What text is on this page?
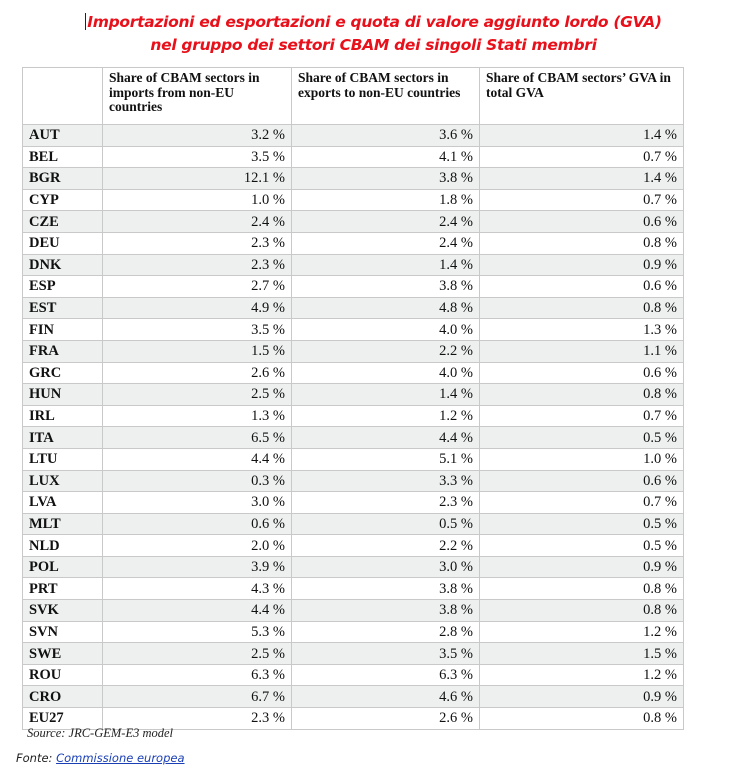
Importazioni ed esportazioni e quota di valore aggiunto lordo (GVA)
nel gruppo dei settori CBAM dei singoli Stati membri
	Share of CBAM sectors in imports from non-EU countries	Share of CBAM sectors in exports to non-EU countries	Share of CBAM sectors’ GVA in total GVA
AUT	3.2 %	3.6 %	1.4 %
BEL	3.5 %	4.1 %	0.7 %
BGR	12.1 %	3.8 %	1.4 %
CYP	1.0 %	1.8 %	0.7 %
CZE	2.4 %	2.4 %	0.6 %
DEU	2.3 %	2.4 %	0.8 %
DNK	2.3 %	1.4 %	0.9 %
ESP	2.7 %	3.8 %	0.6 %
EST	4.9 %	4.8 %	0.8 %
FIN	3.5 %	4.0 %	1.3 %
FRA	1.5 %	2.2 %	1.1 %
GRC	2.6 %	4.0 %	0.6 %
HUN	2.5 %	1.4 %	0.8 %
IRL	1.3 %	1.2 %	0.7 %
ITA	6.5 %	4.4 %	0.5 %
LTU	4.4 %	5.1 %	1.0 %
LUX	0.3 %	3.3 %	0.6 %
LVA	3.0 %	2.3 %	0.7 %
MLT	0.6 %	0.5 %	0.5 %
NLD	2.0 %	2.2 %	0.5 %
POL	3.9 %	3.0 %	0.9 %
PRT	4.3 %	3.8 %	0.8 %
SVK	4.4 %	3.8 %	0.8 %
SVN	5.3 %	2.8 %	1.2 %
SWE	2.5 %	3.5 %	1.5 %
ROU	6.3 %	6.3 %	1.2 %
CRO	6.7 %	4.6 %	0.9 %
EU27	2.3 %	2.6 %	0.8 %
Source: JRC-GEM-E3 model
Fonte: Commissione europea
